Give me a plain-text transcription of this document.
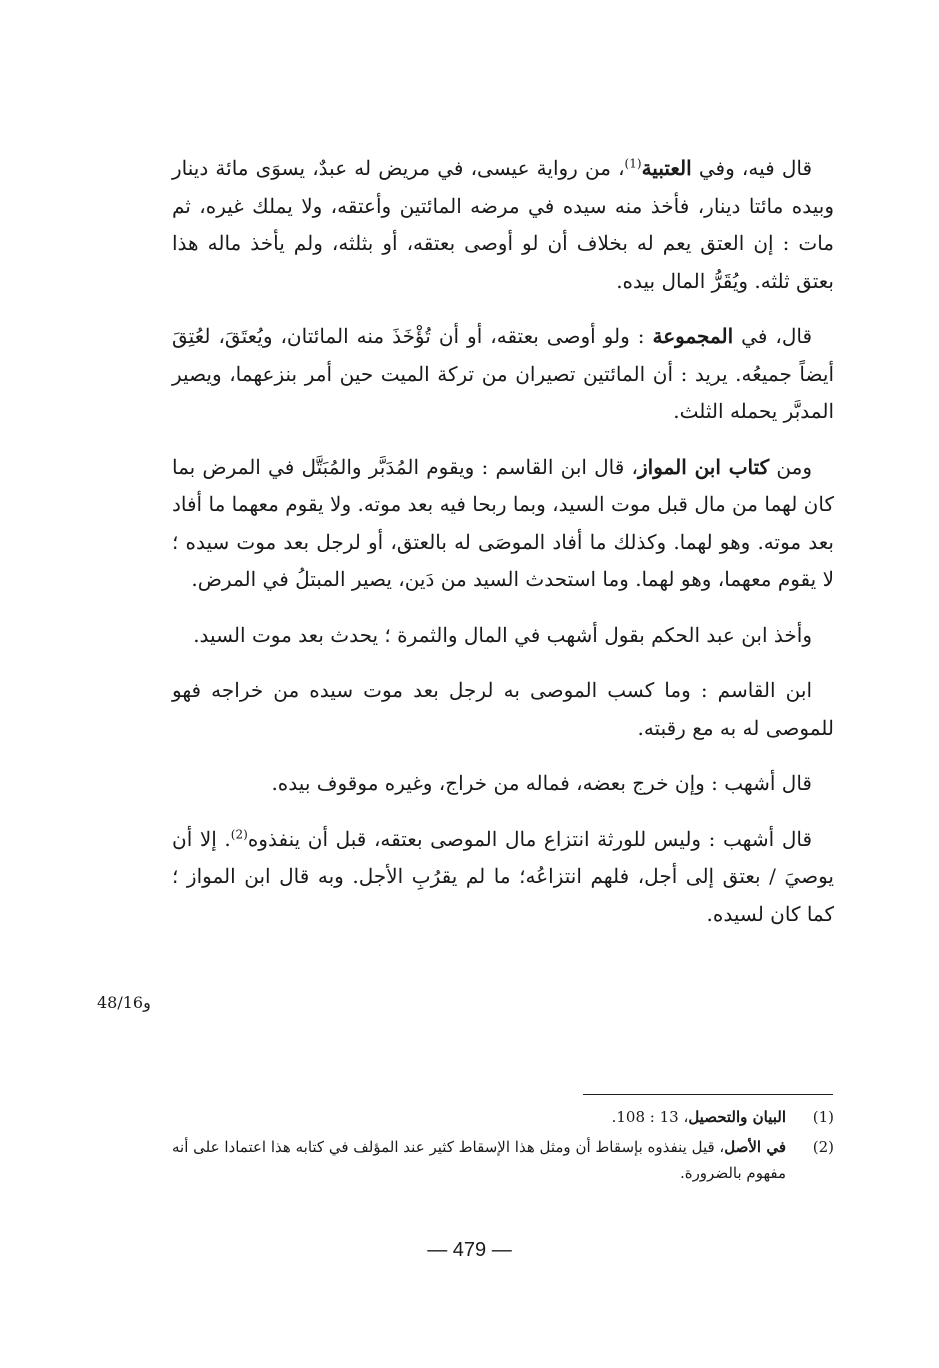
قال فيه، وفي العتبية$^{(1)}$، من رواية عيسى، في مريض له عبدٌ، يسوَى مائة دينار وبيده مائتا دينار، فأخذ منه سيده في مرضه المائتين وأعتقه، ولا يملك غيره، ثم مات : إن العتق يعم له بخلاف أن لو أوصى بعتقه، أو بثلثه، ولم يأخذ ماله هذا بعتق ثلثه. ويُقَرُّ المال بيده.

قال، في المجموعة : ولو أوصى بعتقه، أو أن تُؤْخَذَ منه المائتان، ويُعتَقَ، لعُتِقَ أيضاً جميعُه. يريد : أن المائتين تصيران من تركة الميت حين أمر بنزعهما، ويصير المدبَّر يحمله الثلث.

ومن كتاب ابن المواز، قال ابن القاسم : ويقوم المُدَبَّر والمُبَتَّل في المرض بما كان لهما من مال قبل موت السيد، وبما ربحا فيه بعد موته. ولا يقوم معهما ما أفاد بعد موته. وهو لهما. وكذلك ما أفاد الموصَى له بالعتق، أو لرجل بعد موت سيده ؛ لا يقوم معهما، وهو لهما. وما استحدث السيد من دَين، يصير المبتلُ في المرض.

وأخذ ابن عبد الحكم بقول أشهب في المال والثمرة ؛ يحدث بعد موت السيد.

ابن القاسم : وما كسب الموصى به لرجل بعد موت سيده من خراجه فهو للموصى له به مع رقبته.

قال أشهب : وإن خرج بعضه، فماله من خراج، وغيره موقوف بيده.

قال أشهب : وليس للورثة انتزاع مال الموصى بعتقه، قبل أن ينفذوه$^{(2)}$. إلا أن يوصيَ / بعتق إلى أجل، فلهم انتزاعُه؛ ما لم يقرُبِ الأجل. وبه قال ابن المواز ؛ كما كان لسيده.

48/16و
(1)
البيان والتحصيل، 13 : 108.
(2)
في الأصل، قيل ينفذوه بإسقاط أن ومثل هذا الإسقاط كثير عند المؤلف في كتابه هذا اعتمادا على أنه مفهوم بالضرورة.
— 479 —
